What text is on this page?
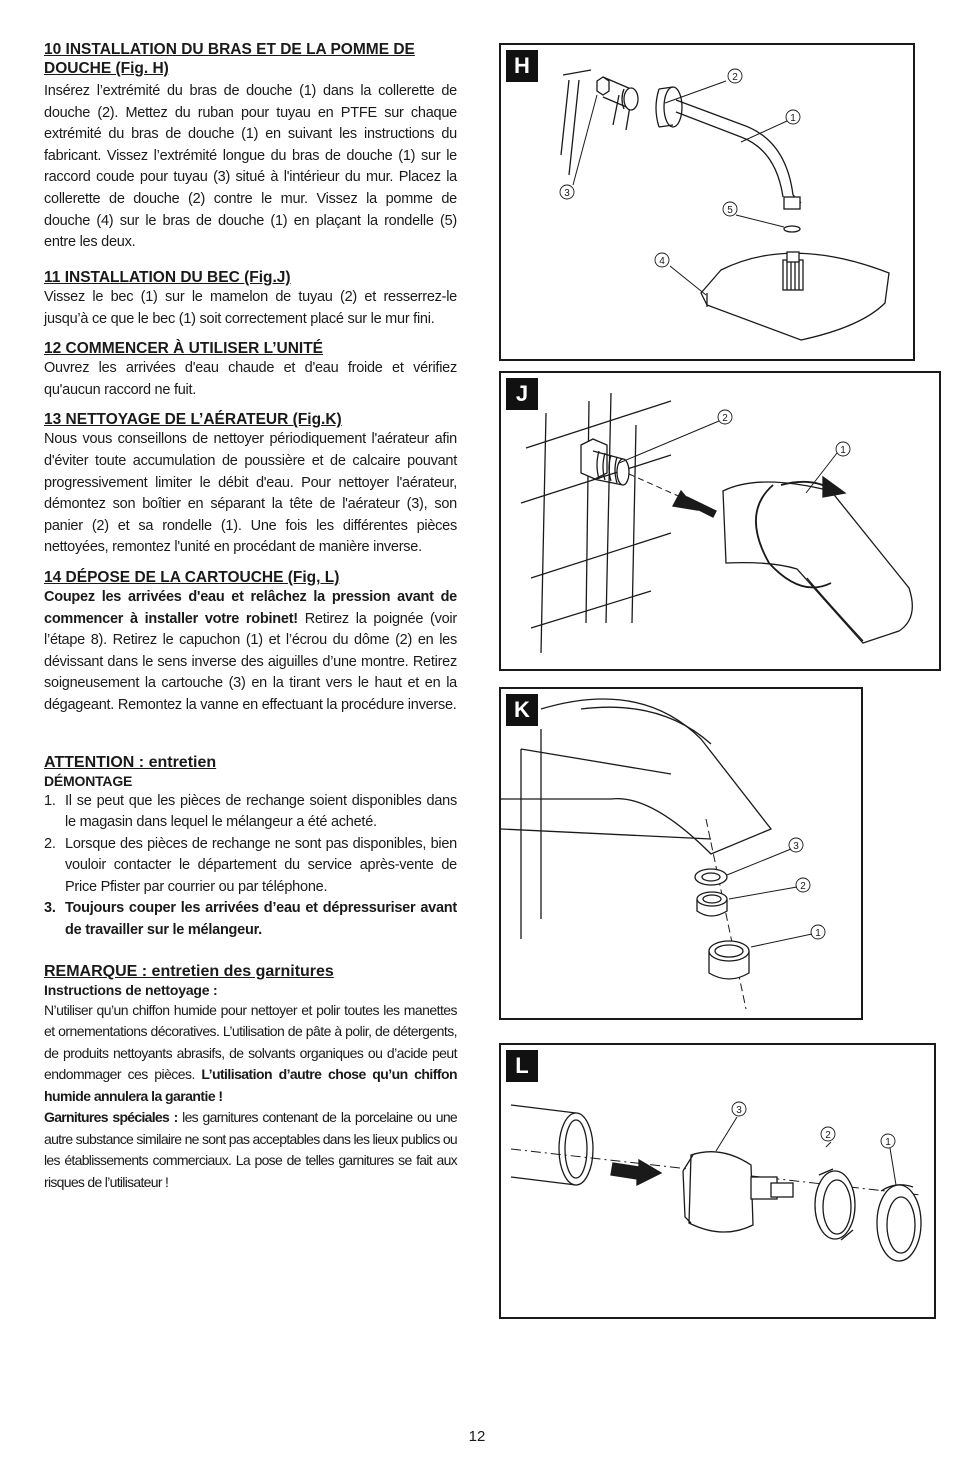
10 INSTALLATION DU BRAS ET DE LA POMME DE DOUCHE (Fig. H)

Insérez l’extrémité du bras de douche (1) dans la collerette de douche (2). Mettez du ruban pour tuyau en PTFE sur chaque extrémité du bras de douche (1) en suivant les instructions du fabricant. Vissez l’extrémité longue du bras de douche (1) sur le raccord coude pour tuyau (3) situé à l'intérieur du mur. Placez la collerette de douche (2) contre le mur. Vissez la pomme de douche (4) sur le bras de douche (1) en plaçant la rondelle (5) entre les deux.

11 INSTALLATION DU BEC (Fig.J)

Vissez le bec (1) sur le mamelon de tuyau (2) et resserrez-le jusqu’à ce que le bec (1) soit correctement placé sur le mur fini.

12 COMMENCER À UTILISER L’UNITÉ

Ouvrez les arrivées d'eau chaude et d'eau froide et vérifiez qu'aucun raccord ne fuit.

13 NETTOYAGE DE L’AÉRATEUR (Fig.K)

Nous vous conseillons de nettoyer périodiquement l'aérateur afin d'éviter toute accumulation de poussière et de calcaire pouvant progressivement limiter le débit d'eau. Pour nettoyer l'aérateur, démontez son boîtier en séparant la tête de l'aérateur (3), son panier (2) et sa rondelle (1). Une fois les différentes pièces nettoyées, remontez l'unité en procédant de manière inverse.

14 DÉPOSE DE LA CARTOUCHE (Fig, L)

Coupez les arrivées d'eau et relâchez la pression avant de commencer à installer votre robinet! Retirez la poignée (voir l’étape 8). Retirez le capuchon (1) et l’écrou du dôme (2) en les dévissant dans le sens inverse des aiguilles d’une montre. Retirez soigneusement la cartouche (3) en la tirant vers le haut et en la dégageant. Remontez la vanne en effectuant la procédure inverse.

ATTENTION : entretien

DÉMONTAGE

1. Il se peut que les pièces de rechange soient disponibles dans le magasin dans lequel le mélangeur a été acheté.
2. Lorsque des pièces de rechange ne sont pas disponibles, bien vouloir contacter le département du service après-vente de Price Pfister par courrier ou par téléphone.
3. Toujours couper les arrivées d’eau et dépressuriser avant de travailler sur le mélangeur.

REMARQUE : entretien des garnitures

Instructions de nettoyage :

N’utiliser qu’un chiffon humide pour nettoyer et polir toutes les manettes et ornementations décoratives. L’utilisation de pâte à polir, de détergents, de produits nettoyants abrasifs, de solvants organiques ou d’acide peut endommager ces pièces. L’utilisation d’autre chose qu’un chiffon humide annulera la garantie !

Garnitures spéciales : les garnitures contenant de la porcelaine ou une autre substance similaire ne sont pas acceptables dans les lieux publics ou les établissements commerciaux. La pose de telles garnitures se fait aux risques de l’utilisateur !

2
1
3
5
4
H
2
1
J
3
2
1
K
3
2
1
L
12
